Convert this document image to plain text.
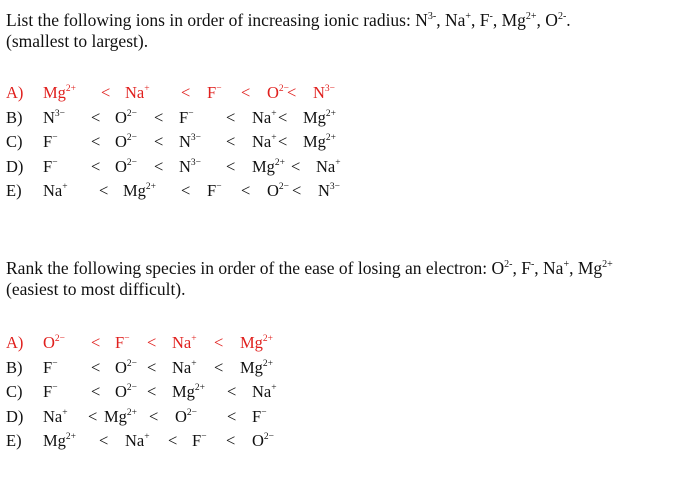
List the following ions in order of increasing ionic radius: $N^{3-}$, Na+, F-, $Mg^{2+}$, $O^{2-}$.
(smallest to largest).

A) $Mg^{2+} < Na^+ < F^- < O^{2-}$
< $N^{3-}$
B) $N^{3-} < O^{2-} < F^- < Na^+ < Mg^{2+}$
C) $F^- < O^{2-} < N^{3-} < Na^+ < Mg^{2+}$
D) $F^- < O^{2-} < N^{3-} < Mg^{2+} < Na^+$
E) $Na^+ < Mg^{2+} < F^- < O^{2-} < N^{3-}$

Rank the following species in order of the ease of losing an electron: $O^{2-}$, F-, Na+, $Mg^{2+}$
(easiest to most difficult).

A) $O^{2-} < F^- < Na^+ < Mg^{2+}$
B) $F^- < O^{2-} < Na^+ < Mg^{2+}$
C) $F^- < O^{2-} < Mg^{2+} < Na^+$
D) $Na^+ < Mg^{2+} < O^{2-} < F^-$
E) $Mg^{2+} < Na^+ < F^- < O^{2-}$
